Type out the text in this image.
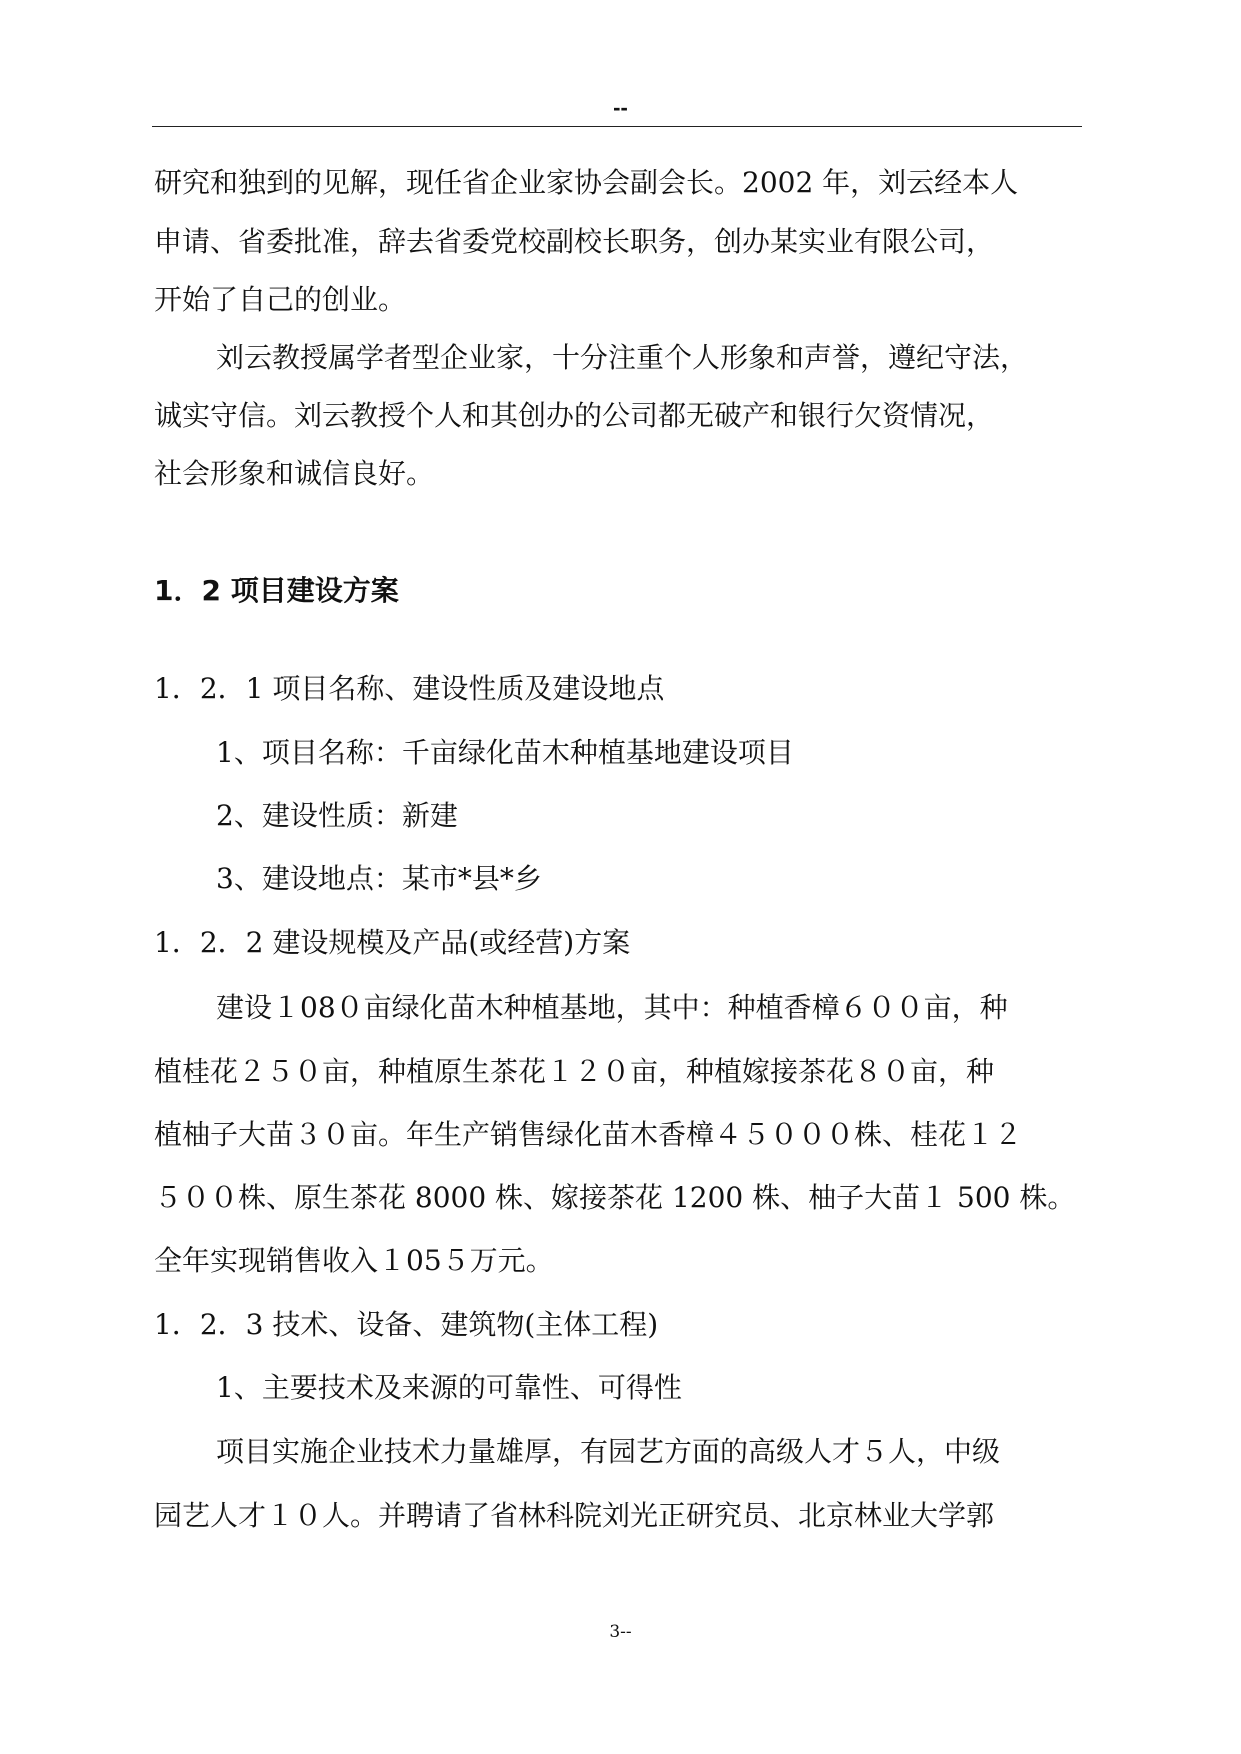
--
研究和独到的见解，现任省企业家协会副会长。2002 年，刘云经本人
申请、省委批准，辞去省委党校副校长职务，创办某实业有限公司，
开始了自己的创业。
刘云教授属学者型企业家，十分注重个人形象和声誉，遵纪守法，
诚实守信。刘云教授个人和其创办的公司都无破产和银行欠资情况，
社会形象和诚信良好。
1．2 项目建设方案
1．2．1 项目名称、建设性质及建设地点
1、项目名称：千亩绿化苗木种植基地建设项目
2、建设性质：新建
3、建设地点：某市*县*乡
1．2．2 建设规模及产品(或经营)方案
建设１08０亩绿化苗木种植基地，其中：种植香樟６００亩，种
植桂花２５０亩，种植原生茶花１２０亩，种植嫁接茶花８０亩，种
植柚子大苗３０亩。年生产销售绿化苗木香樟４５０００株、桂花１２
５００株、原生茶花 8000 株、嫁接茶花 1200 株、柚子大苗１ 500 株。
全年实现销售收入１05５万元。
1．2．3 技术、设备、建筑物(主体工程)
1、主要技术及来源的可靠性、可得性
项目实施企业技术力量雄厚，有园艺方面的高级人才５人，中级
园艺人才１０人。并聘请了省林科院刘光正研究员、北京林业大学郭
3--
